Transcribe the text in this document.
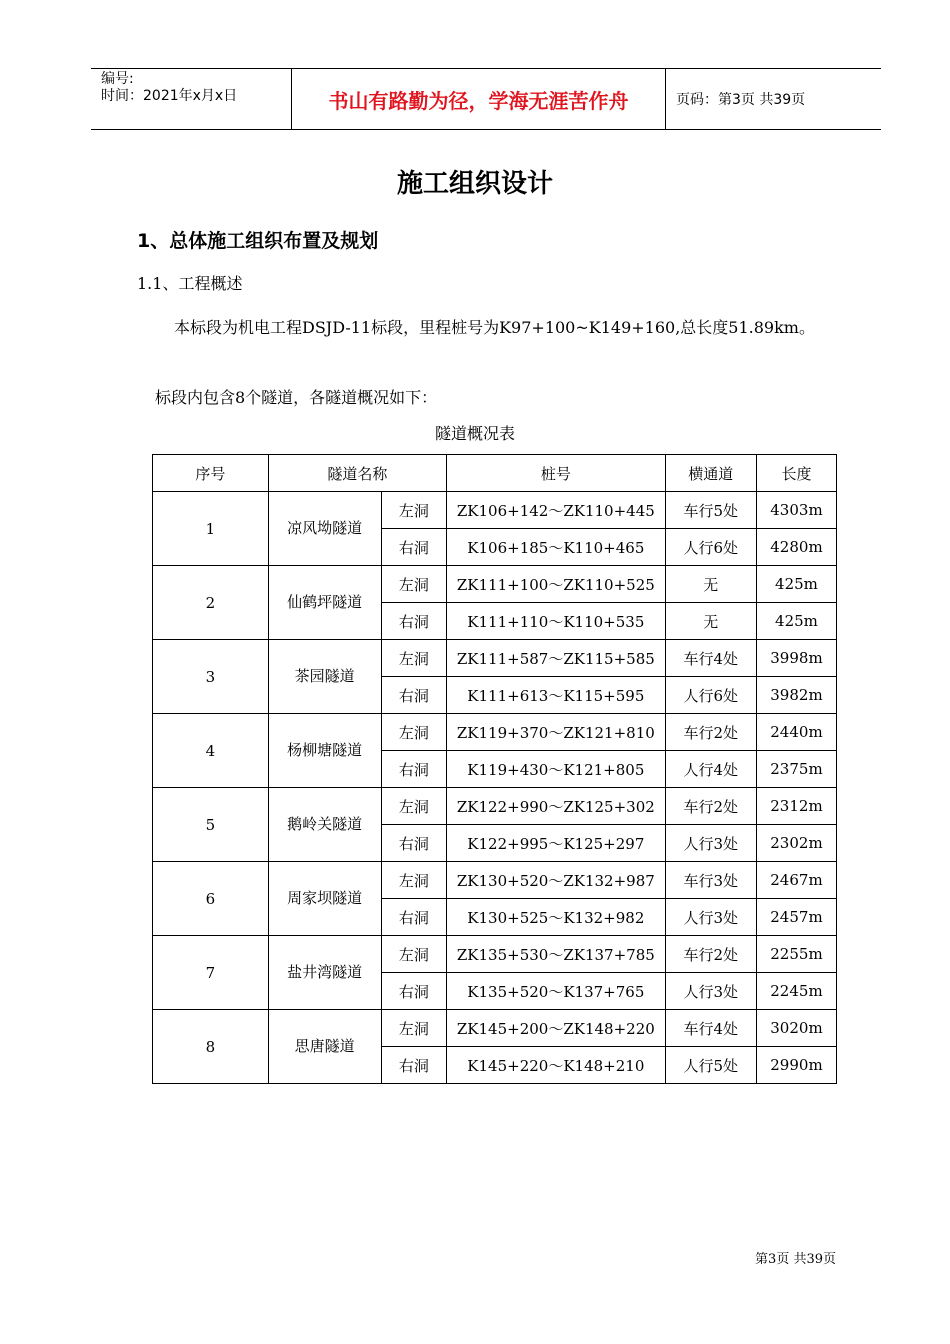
编号:
时间：2021年x月x日	书山有路勤为径，学海无涯苦作舟	页码：第3页 共39页
施工组织设计
1、总体施工组织布置及规划
1.1、工程概述
本标段为机电工程DSJD-11标段，里程桩号为K97+100~K149+160,总长度51.89km。
标段内包含8个隧道，各隧道概况如下：
隧道概况表
序号	隧道名称		桩号	横通道	长度
1	凉风坳隧道	左洞	ZK106+142～ZK110+445	车行5处	4303m
		右洞	K106+185～K110+465	人行6处	4280m
2	仙鹤坪隧道	左洞	ZK111+100～ZK110+525	无	425m
		右洞	K111+110～K110+535	无	425m
3	茶园隧道	左洞	ZK111+587～ZK115+585	车行4处	3998m
		右洞	K111+613～K115+595	人行6处	3982m
4	杨柳塘隧道	左洞	ZK119+370～ZK121+810	车行2处	2440m
		右洞	K119+430～K121+805	人行4处	2375m
5	鹅岭关隧道	左洞	ZK122+990～ZK125+302	车行2处	2312m
		右洞	K122+995～K125+297	人行3处	2302m
6	周家坝隧道	左洞	ZK130+520～ZK132+987	车行3处	2467m
		右洞	K130+525～K132+982	人行3处	2457m
7	盐井湾隧道	左洞	ZK135+530～ZK137+785	车行2处	2255m
		右洞	K135+520～K137+765	人行3处	2245m
8	思唐隧道	左洞	ZK145+200～ZK148+220	车行4处	3020m
		右洞	K145+220～K148+210	人行5处	2990m
第3页 共39页
